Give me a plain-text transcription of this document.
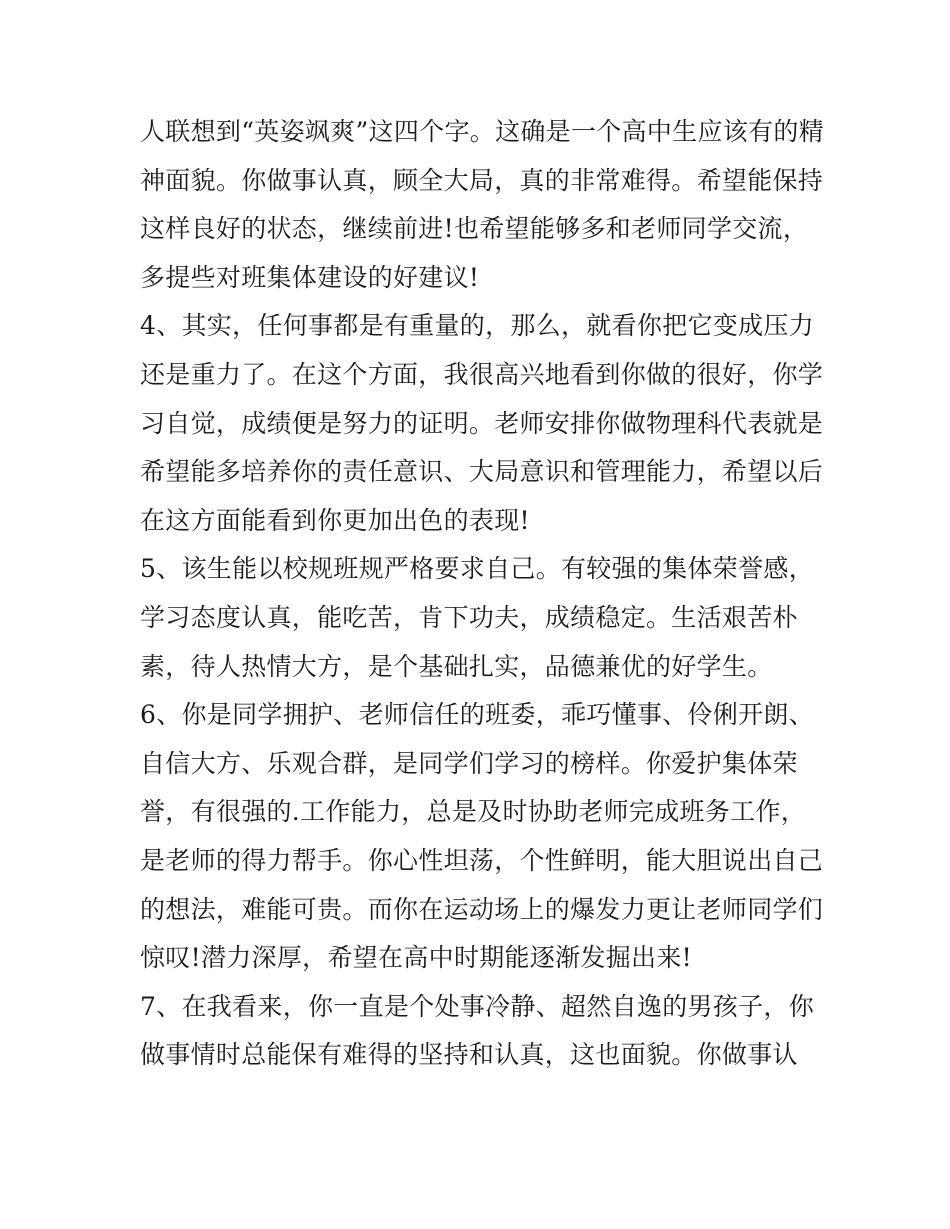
人联想到“英姿飒爽”这四个字。这确是一个高中生应该有的精
神面貌。你做事认真，顾全大局，真的非常难得。希望能保持
这样良好的状态，继续前进!也希望能够多和老师同学交流，
多提些对班集体建设的好建议!
4、其实，任何事都是有重量的，那么，就看你把它变成压力
还是重力了。在这个方面，我很高兴地看到你做的很好，你学
习自觉，成绩便是努力的证明。老师安排你做物理科代表就是
希望能多培养你的责任意识、大局意识和管理能力，希望以后
在这方面能看到你更加出色的表现!
5、该生能以校规班规严格要求自己。有较强的集体荣誉感，
学习态度认真，能吃苦，肯下功夫，成绩稳定。生活艰苦朴
素，待人热情大方，是个基础扎实，品德兼优的好学生。
6、你是同学拥护、老师信任的班委，乖巧懂事、伶俐开朗、
自信大方、乐观合群，是同学们学习的榜样。你爱护集体荣
誉，有很强的.工作能力，总是及时协助老师完成班务工作，
是老师的得力帮手。你心性坦荡，个性鲜明，能大胆说出自己
的想法，难能可贵。而你在运动场上的爆发力更让老师同学们
惊叹!潜力深厚，希望在高中时期能逐渐发掘出来!
7、在我看来，你一直是个处事冷静、超然自逸的男孩子，你
做事情时总能保有难得的坚持和认真，这也面貌。你做事认
